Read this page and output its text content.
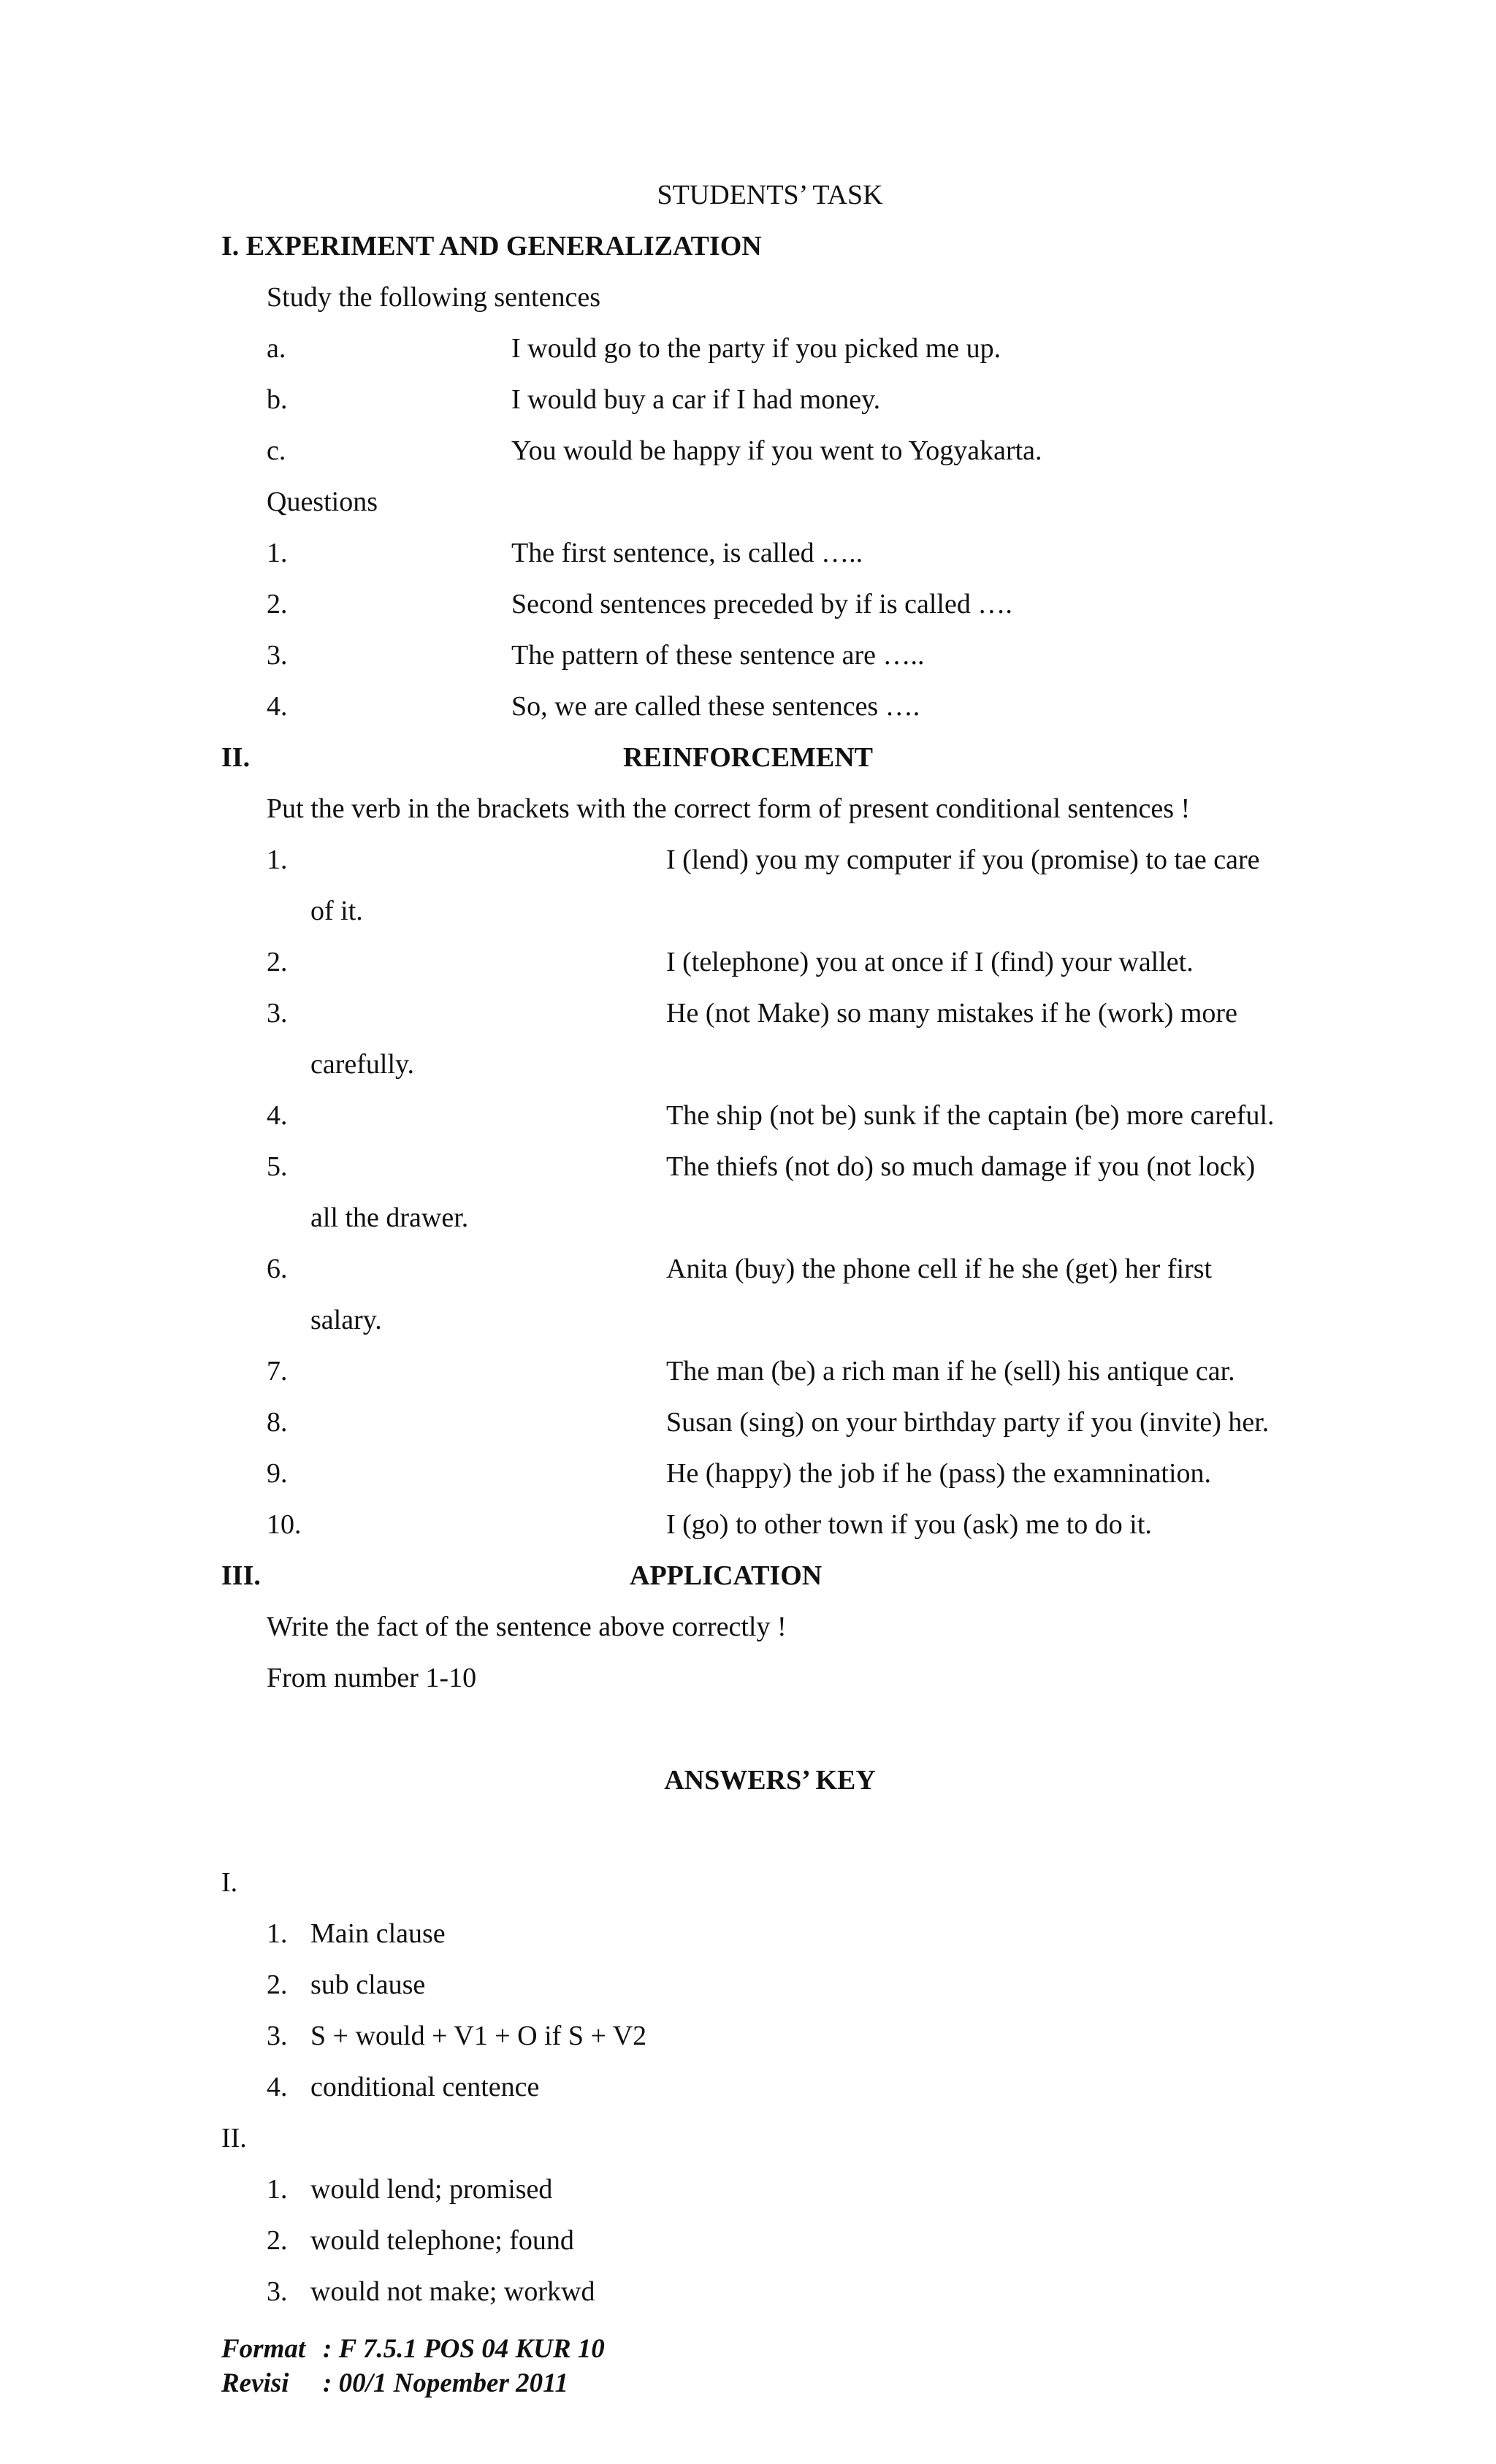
STUDENTS’ TASK
I. EXPERIMENT AND GENERALIZATION
Study the following sentences
a.	I would go to the party if you picked me up.
b.	I would buy a car if I had money.
c.	You would be happy if you went to Yogyakarta.
Questions
1.	The first sentence, is called …..
2.	Second sentences preceded by if is called ….
3.	The pattern of these sentence are …..
4.	So, we are called these sentences ….
II.	REINFORCEMENT
Put the verb in the brackets with the correct form of present conditional sentences !
1.	I (lend) you my computer if you (promise) to tae care
of it.
2.	I (telephone) you at once if I (find) your wallet.
3.	He (not Make) so many mistakes if he (work) more
carefully.
4.	The ship (not be) sunk if the captain (be) more careful.
5.	The thiefs (not do) so much damage if you (not lock)
all the drawer.
6.	Anita (buy) the phone cell if he she (get) her first
salary.
7.	The man (be) a rich man if he (sell) his antique car.
8.	Susan (sing) on your birthday party if you (invite) her.
9.	He (happy) the job if he (pass) the examnination.
10.	I (go) to other town if you (ask) me to do it.
III.	APPLICATION
Write the fact of the sentence above correctly !
From number 1-10
ANSWERS’ KEY
I.
1. Main clause
2. sub clause
3. S + would + V1 + O if S + V2
4. conditional centence
II.
1. would lend; promised
2. would telephone; found
3. would not make; workwd
Format : F 7.5.1 POS 04 KUR 10
Revisi : 00/1 Nopember 2011
